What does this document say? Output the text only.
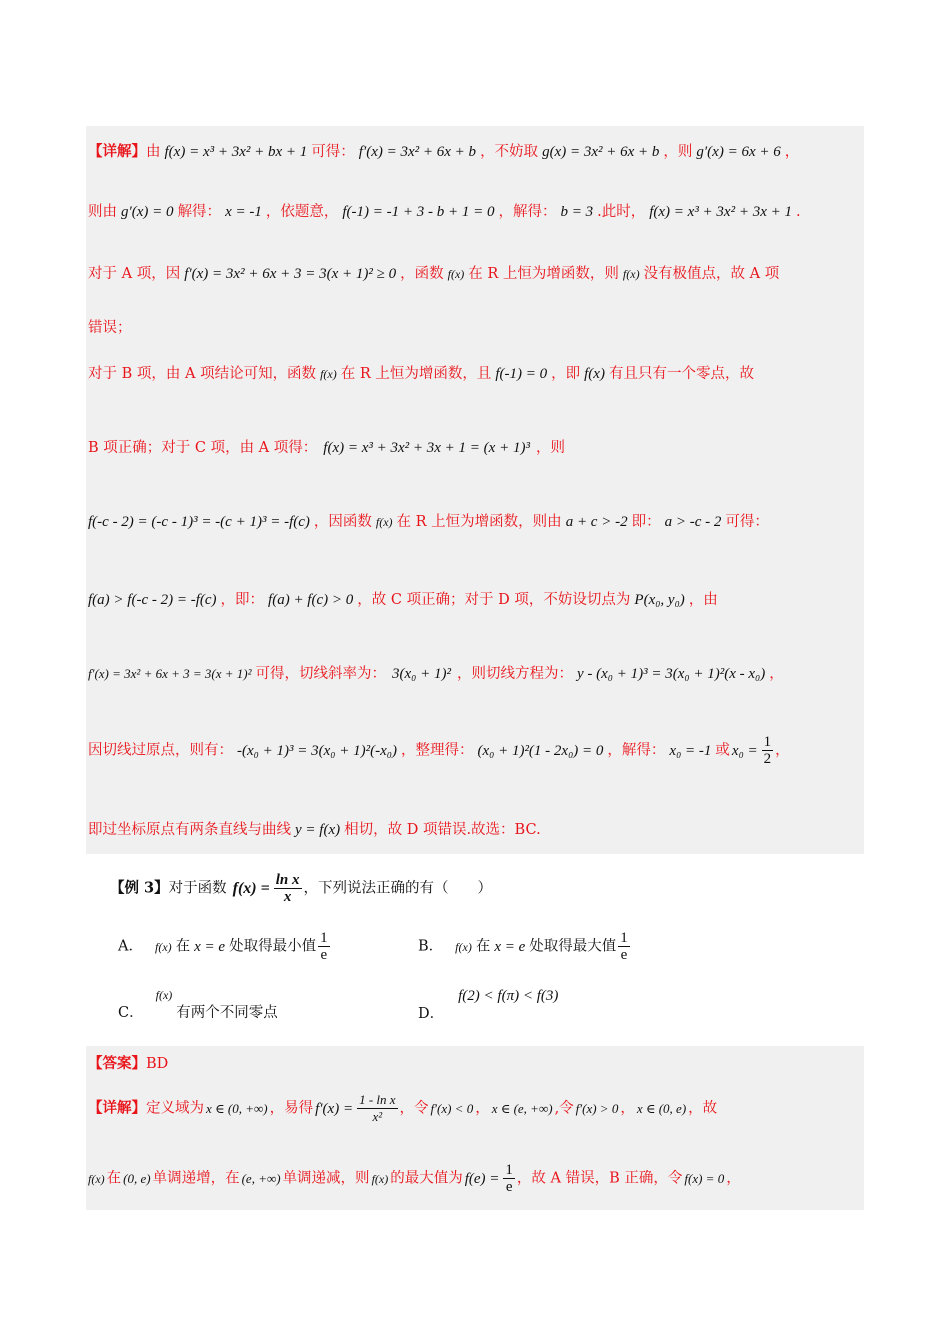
【详解】由 f(x) = x³ + 3x² + bx + 1 可得： f′(x) = 3x² + 6x + b ，不妨取 g(x) = 3x² + 6x + b ，则 g′(x) = 6x + 6 ，
则由 g′(x) = 0 解得： x = -1 ，依题意， f(-1) = -1 + 3 - b + 1 = 0 ，解得： b = 3 .此时， f(x) = x³ + 3x² + 3x + 1 .
对于 A 项，因 f′(x) = 3x² + 6x + 3 = 3(x + 1)² ≥ 0 ，函数 f(x) 在 R 上恒为增函数，则 f(x) 没有极值点，故 A 项
错误；
对于 B 项，由 A 项结论可知，函数 f(x) 在 R 上恒为增函数，且 f(-1) = 0 ，即 f(x) 有且只有一个零点，故
B 项正确；对于 C 项，由 A 项得： f(x) = x³ + 3x² + 3x + 1 = (x + 1)³ ，则
f(-c - 2) = (-c - 1)³ = -(c + 1)³ = -f(c) ，因函数 f(x) 在 R 上恒为增函数，则由 a + c > -2 即： a > -c - 2 可得：
f(a) > f(-c - 2) = -f(c) ，即： f(a) + f(c) > 0 ，故 C 项正确；对于 D 项，不妨设切点为 P(x₀, y₀) ，由
f′(x) = 3x² + 6x + 3 = 3(x + 1)² 可得，切线斜率为： 3(x₀ + 1)² ，则切线方程为： y - (x₀ + 1)³ = 3(x₀ + 1)²(x - x₀) ，
因切线过原点，则有： -(x₀ + 1)³ = 3(x₀ + 1)²(-x₀) ，整理得： (x₀ + 1)²(1 - 2x₀) = 0 ，解得： x₀ = -1 或 $x_0 = \frac{1}{2}$ ，
即过坐标原点有两条直线与曲线 y = f(x) 相切，故 D 项错误.故选：BC.
【例 3】对于函数 $f(x) = \frac{\text{ln x}}{x}$ ，下列说法正确的有（　　）
A． f(x) 在 x = e 处取得最小值 $\frac{1}{e}$	B． f(x) 在 x = e 处取得最大值 $\frac{1}{e}$
C．$^{f(x)}$有两个不同零点	D．f(2) < f(π) < f(3)
【答案】BD
【详解】定义域为 x ∈ (0, +∞) ，易得 $f'(x) = \frac{\text{1 - ln x}}{\text{x²}}$ ，令 f′(x) < 0 ， x ∈ (e, +∞) ,令 f′(x) > 0 ， x ∈ (0, e) ，故
f(x) 在 (0, e) 单调递增，在 (e, +∞) 单调递减，则 f(x) 的最大值为 $f(e) = \frac{1}{e}$ ，故 A 错误，B 正确，令 f(x) = 0 ，
